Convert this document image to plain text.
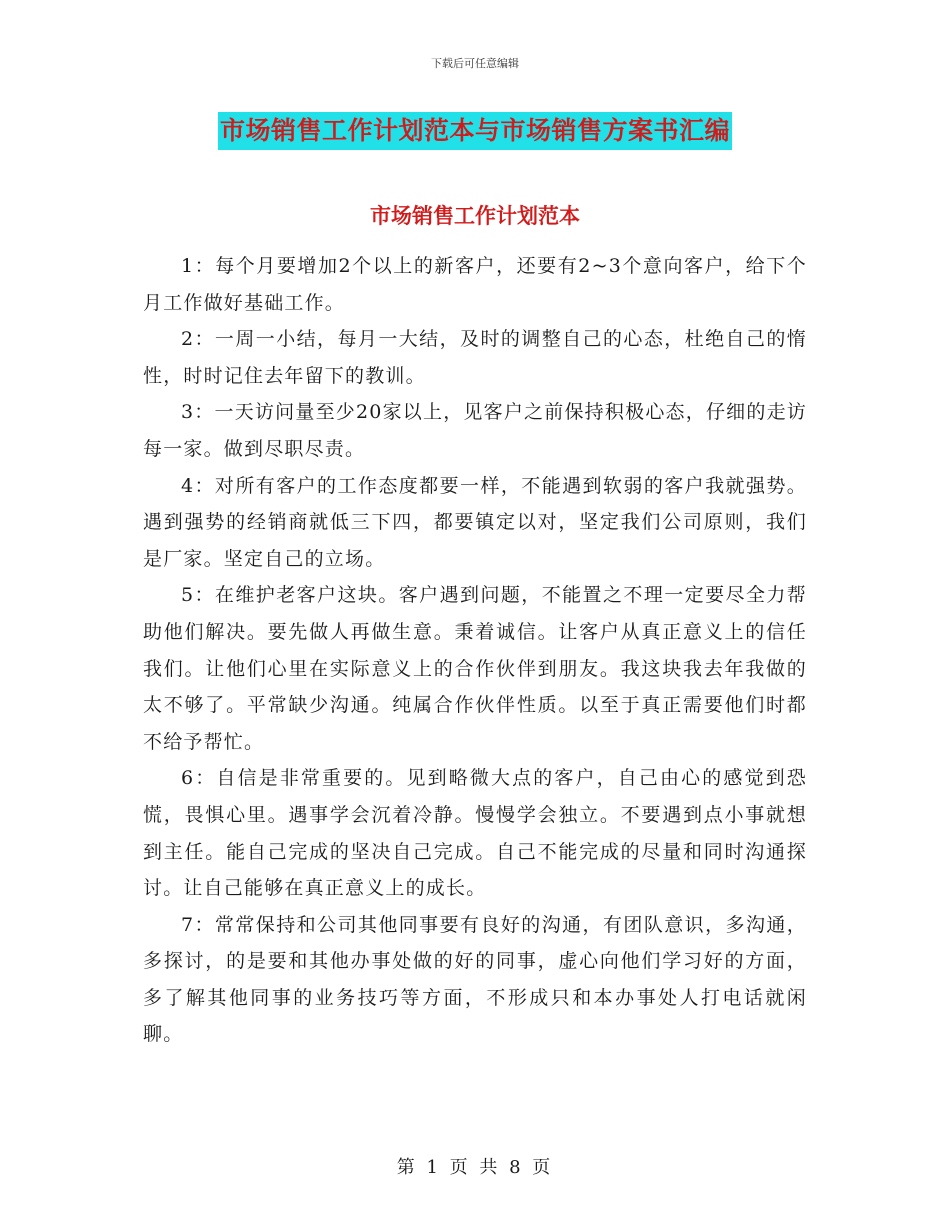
下载后可任意编辑
市场销售工作计划范本与市场销售方案书汇编
市场销售工作计划范本

1：每个月要增加2个以上的新客户，还要有2~3个意向客户，给下个月工作做好基础工作。

2：一周一小结，每月一大结，及时的调整自己的心态，杜绝自己的惰性，时时记住去年留下的教训。

3：一天访问量至少20家以上，见客户之前保持积极心态，仔细的走访每一家。做到尽职尽责。

4：对所有客户的工作态度都要一样，不能遇到软弱的客户我就强势。遇到强势的经销商就低三下四，都要镇定以对，坚定我们公司原则，我们是厂家。坚定自己的立场。

5：在维护老客户这块。客户遇到问题，不能置之不理一定要尽全力帮助他们解决。要先做人再做生意。秉着诚信。让客户从真正意义上的信任我们。让他们心里在实际意义上的合作伙伴到朋友。我这块我去年我做的太不够了。平常缺少沟通。纯属合作伙伴性质。以至于真正需要他们时都不给予帮忙。

6：自信是非常重要的。见到略微大点的客户，自己由心的感觉到恐慌，畏惧心里。遇事学会沉着冷静。慢慢学会独立。不要遇到点小事就想到主任。能自己完成的坚决自己完成。自己不能完成的尽量和同时沟通探讨。让自己能够在真正意义上的成长。

7：常常保持和公司其他同事要有良好的沟通，有团队意识，多沟通，多探讨，的是要和其他办事处做的好的同事，虚心向他们学习好的方面，多了解其他同事的业务技巧等方面，不形成只和本办事处人打电话就闲聊。

第 1 页 共 8 页
